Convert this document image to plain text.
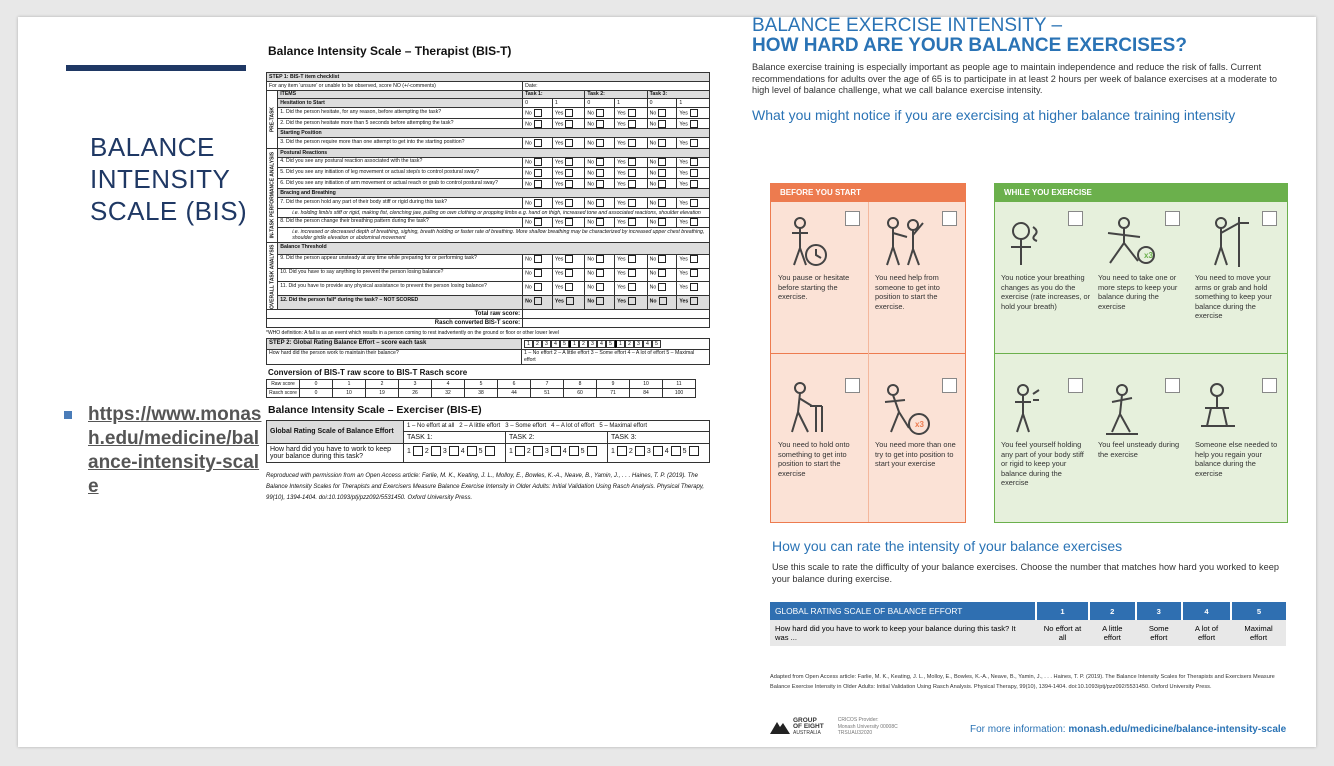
BALANCE
INTENSITY
SCALE (BIS)
https://www.monash.edu/medicine/balance-intensity-scale
Balance Intensity Scale – Therapist (BIS-T)
STEP 1: BIS-T item checklist							
For any item ‘unsure’ or unable to be observed, score NO (+/-comments)		Date:					
PRE-TASK	ITEMS	Task 1:		Task 2:		Task 3:	
	Hesitation to Start	0	1	0	1	0	1
	1. Did the person hesitate, for any reason, before attempting the task?	No	Yes	No	Yes	No	Yes
	2. Did the person hesitate more than 5 seconds before attempting the task?	No	Yes	No	Yes	No	Yes
	Starting Position						
	3. Did the person require more than one attempt to get into the starting position?	No	Yes	No	Yes	No	Yes
IN-TASK PERFORMANCE ANALYSIS	Postural Reactions						
	4. Did you see any postural reaction associated with the task?	No	Yes	No	Yes	No	Yes
	5. Did you see any initiation of leg movement or actual step/s to control postural sway?	No	Yes	No	Yes	No	Yes
	6. Did you see any initiation of arm movement or actual reach or grab to control postural sway?	No	Yes	No	Yes	No	Yes
	Bracing and Breathing						
	7. Did the person hold any part of their body stiff or rigid during this task?	No	Yes	No	Yes	No	Yes
	i.e. holding limb/s stiff or rigid, making fist, clenching jaw, pulling on own clothing or propping limbs e.g. hand on thigh, increased tone and associated reactions, shoulder elevation						
	8. Did the person change their breathing pattern during the task?	No	Yes	No	Yes	No	Yes
	i.e. increased or decreased depth of breathing, sighing, breath holding or faster rate of breathing. More shallow breathing may be characterized by increased upper chest breathing, shoulder girdle elevation or abdominal movement						
OVERALL TASK ANALYSIS	Balance Threshold						
	9. Did the person appear unsteady at any time while preparing for or performing task?	No	Yes	No	Yes	No	Yes
	10. Did you have to say anything to prevent the person losing balance?	No	Yes	No	Yes	No	Yes
	11. Did you have to provide any physical assistance to prevent the person losing balance?	No	Yes	No	Yes	No	Yes
	12. Did the person fall* during the task? – NOT SCORED	No	Yes	No	Yes	No	Yes
Total raw score:							
Rasch converted BIS-T score:							
*WHO definition: A fall is as an event which results in a person coming to rest inadvertently on the ground or floor or other lower level
STEP 2: Global Rating Balance Effort – score each task	1 2 3 4 5 1 2 3 4 5 1 2 3 4 5
How hard did the person work to maintain their balance?	1 – No effort 2 – A little effort 3 – Some effort 4 – A lot of effort 5 – Maximal effort
Conversion of BIS-T raw score to BIS-T Rasch score
Raw score	0	1	2	3	4	5	6	7	8	9	10	11
Rasch score	0	10	19	26	32	38	44	51	60	71	84	100
Balance Intensity Scale – Exerciser (BIS-E)
Global Rating Scale of Balance Effort	1 – No effort at all 2 – A little effort 3 – Some effort 4 – A lot of effort 5 – Maximal effort		
	TASK 1:	TASK 2:	TASK 3:
How hard did you have to work to keep your balance during this task?	1 2 3 4 5	1 2 3 4 5	1 2 3 4 5
Reproduced with permission from an Open Access article: Farlie, M. K., Keating, J. L., Molloy, E., Bowles, K.-A., Neave, B., Yamin, J., . . . Haines, T. P. (2019). The Balance Intensity Scales for Therapists and Exercisers Measure Balance Exercise Intensity in Older Adults: Initial Validation Using Rasch Analysis. Physical Therapy, 99(10), 1394-1404. doi:10.1093/ptj/pzz092/5531450. Oxford University Press.
BALANCE EXERCISE INTENSITY –
HOW HARD ARE YOUR BALANCE EXERCISES?

Balance exercise training is especially important as people age to maintain independence and reduce the risk of falls. Current recommendations for adults over the age of 65 is to participate in at least 2 hours per week of balance exercises at a moderate to high level of balance challenge, what we call balance exercise intensity.

What you might notice if you are exercising at higher balance training intensity
BEFORE YOU START	WHILE YOU EXERCISE
You pause or hesitate before starting the exercise.
You need help from someone to get into position to start the exercise.
You need to hold onto something to get into position to start the exercise
x3
You need more than one try to get into position to start your exercise
You notice your breathing changes as you do the exercise (rate increases, or hold your breath)
x3
You need to take one or more steps to keep your balance during the exercise
You need to move your arms or grab and hold something to keep your balance during the exercise
You feel yourself holding any part of your body stiff or rigid to keep your balance during the exercise
You feel unsteady during the exercise
Someone else needed to help you regain your balance during the exercise
How you can rate the intensity of your balance exercises
Use this scale to rate the difficulty of your balance exercises. Choose the number that matches how hard you worked to keep your balance during exercise.
GLOBAL RATING SCALE OF BALANCE EFFORT	1	2	3	4	5
How hard did you have to work to keep your balance during this task? It was ...	No effort at all	A little effort	Some effort	A lot of effort	Maximal effort
Adapted from Open Access article: Farlie, M. K., Keating, J. L., Molloy, E., Bowles, K.-A., Neave, B., Yamin, J., . . . Haines, T. P. (2019). The Balance Intensity Scales for Therapists and Exercisers Measure Balance Exercise Intensity in Older Adults: Initial Validation Using Rasch Analysis. Physical Therapy, 99(10), 1394-1404. doi:10.1093/ptj/pzz092/5531450. Oxford University Press.
GROUP
OF EIGHT
AUSTRALIA
CRICOS Provider:
Monash University 00008C
TRSUAU32020	For more information: monash.edu/medicine/balance-intensity-scale
